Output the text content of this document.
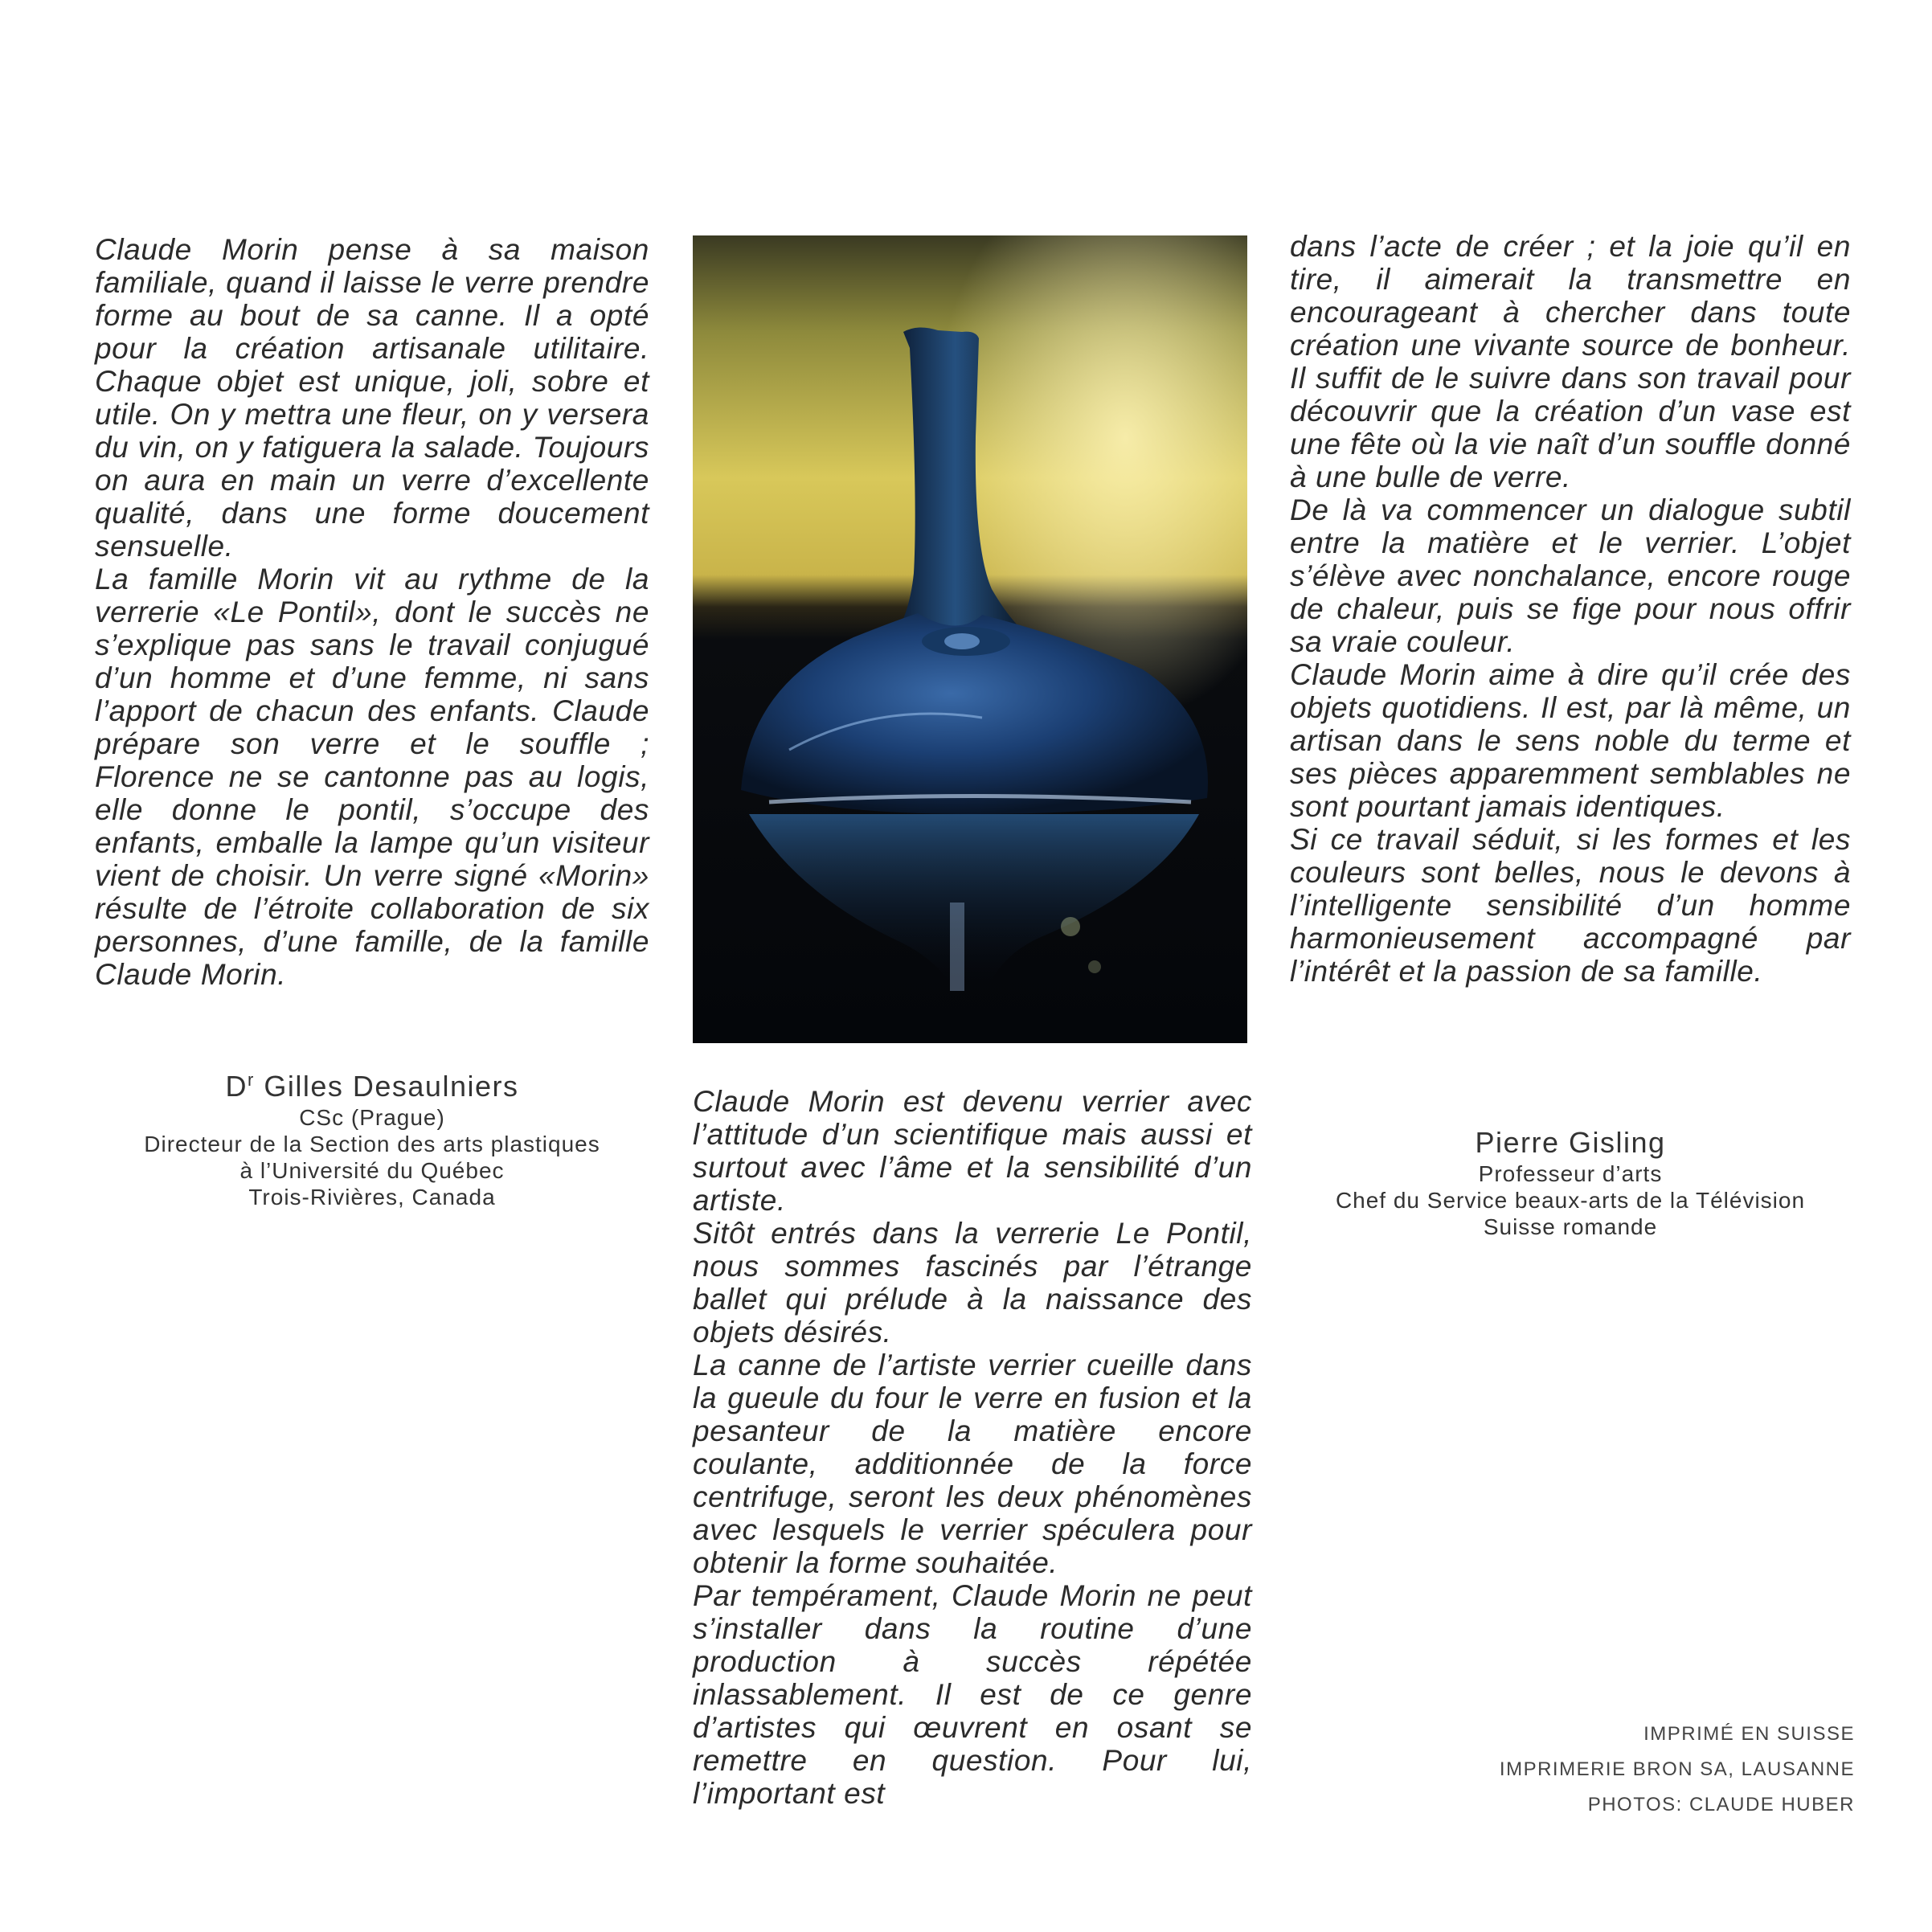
Claude Morin pense à sa maison familiale, quand il laisse le verre prendre forme au bout de sa canne. Il a opté pour la création artisanale utilitaire. Chaque objet est unique, joli, sobre et utile. On y mettra une fleur, on y versera du vin, on y fatiguera la salade. Toujours on aura en main un verre d’excellente qualité, dans une forme doucement sensuelle.

La famille Morin vit au rythme de la verrerie «Le Pontil», dont le succès ne s’explique pas sans le travail conjugué d’un homme et d’une femme, ni sans l’apport de chacun des enfants. Claude prépare son verre et le souffle ; Florence ne se cantonne pas au logis, elle donne le pontil, s’occupe des enfants, emballe la lampe qu’un visiteur vient de choisir. Un verre signé «Morin» résulte de l’étroite collaboration de six personnes, d’une famille, de la famille Claude Morin.

$D^r$ Gilles Desaulniers
CSc (Prague)
Directeur de la Section des arts plastiques
à l’Université du Québec
Trois-Rivières, Canada

Claude Morin est devenu verrier avec l’attitude d’un scientifique mais aussi et surtout avec l’âme et la sensibilité d’un artiste.

Sitôt entrés dans la verrerie Le Pontil, nous sommes fascinés par l’étrange ballet qui prélude à la naissance des objets désirés.

La canne de l’artiste verrier cueille dans la gueule du four le verre en fusion et la pesanteur de la matière encore coulante, additionnée de la force centrifuge, seront les deux phénomènes avec lesquels le verrier spéculera pour obtenir la forme souhaitée.

Par tempérament, Claude Morin ne peut s’installer dans la routine d’une production à succès répétée inlassablement. Il est de ce genre d’artistes qui œuvrent en osant se remettre en question. Pour lui, l’important est

dans l’acte de créer ; et la joie qu’il en tire, il aimerait la transmettre en encourageant à chercher dans toute création une vivante source de bonheur. Il suffit de le suivre dans son travail pour découvrir que la création d’un vase est une fête où la vie naît d’un souffle donné à une bulle de verre.

De là va commencer un dialogue subtil entre la matière et le verrier. L’objet s’élève avec nonchalance, encore rouge de chaleur, puis se fige pour nous offrir sa vraie couleur.

Claude Morin aime à dire qu’il crée des objets quotidiens. Il est, par là même, un artisan dans le sens noble du terme et ses pièces apparemment semblables ne sont pourtant jamais identiques.

Si ce travail séduit, si les formes et les couleurs sont belles, nous le devons à l’intelligente sensibilité d’un homme harmonieusement accompagné par l’intérêt et la passion de sa famille.

Pierre Gisling
Professeur d’arts
Chef du Service beaux-arts de la Télévision
Suisse romande
IMPRIMÉ EN SUISSE
IMPRIMERIE BRON SA, LAUSANNE
PHOTOS: CLAUDE HUBER
